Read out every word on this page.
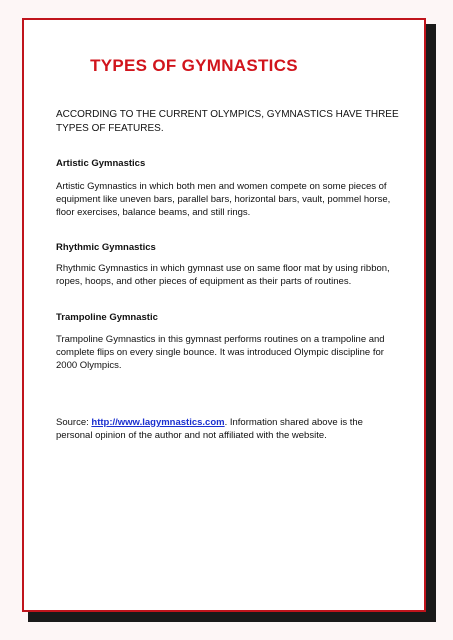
TYPES OF GYMNASTICS
ACCORDING TO THE CURRENT OLYMPICS, GYMNASTICS HAVE THREE TYPES OF FEATURES.
Artistic Gymnastics
Artistic Gymnastics in which both men and women compete on some pieces of equipment like uneven bars, parallel bars, horizontal bars, vault, pommel horse, floor exercises, balance beams, and still rings.
Rhythmic Gymnastics
Rhythmic Gymnastics in which gymnast use on same floor mat by using ribbon, ropes, hoops, and other pieces of equipment as their parts of routines.
Trampoline Gymnastic
Trampoline Gymnastics in this gymnast performs routines on a trampoline and complete flips on every single bounce. It was introduced Olympic discipline for 2000 Olympics.
Source: http://www.lagymnastics.com. Information shared above is the personal opinion of the author and not affiliated with the website.
